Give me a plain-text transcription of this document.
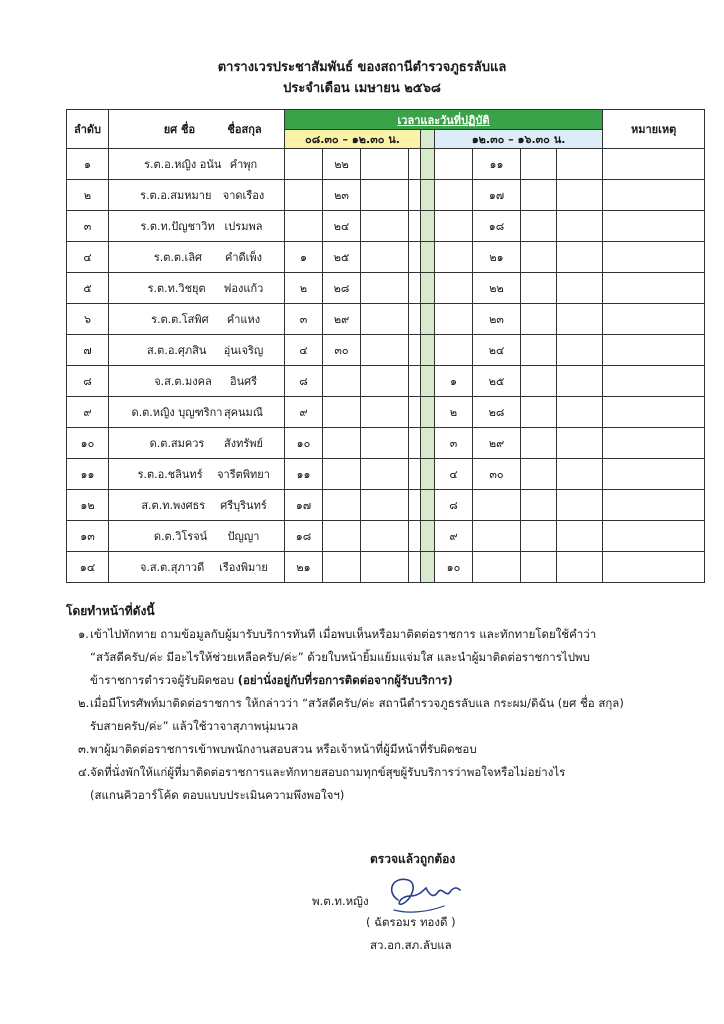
ตารางเวรประชาสัมพันธ์ ของสถานีตำรวจภูธรลับแล
ประจำเดือน เมษายน ๒๕๖๘
ลำดับ	ยศ ชื่อ ชื่อสกุล	เวลาและวันที่ปฏิบัติ									หมายเหตุ
		๐๘.๓๐ – ๑๒.๓๐ น.					๑๒.๓๐ – ๑๖.๓๐ น.				
๑	ร.ต.อ.หญิง อนัน คำพุก		๒๒					๑๑			
๒	ร.ต.อ.สมหมาย จาดเรือง		๒๓					๑๗			
๓	ร.ต.ท.ปัญชาวิท เปรมพล		๒๔					๑๘			
๔	ร.ต.ต.เลิศ คำดีเพ็ง	๑	๒๕					๒๑			
๕	ร.ต.ท.วิชยุต ฟองแก้ว	๒	๒๘					๒๒			
๖	ร.ต.ต.โสพิศ คำแหง	๓	๒๙					๒๓			
๗	ส.ต.อ.ศุภสิน อุ่นเจริญ	๔	๓๐					๒๔			
๘	จ.ส.ต.มงคล อินศรี	๘					๑	๒๕			
๙	ด.ต.หญิง บุญฑริกา สุคนมณี	๙					๒	๒๘			
๑๐	ด.ต.สมควร สังทรัพย์	๑๐					๓	๒๙			
๑๑	ร.ต.อ.ชลินทร์ จารีตพิทยา	๑๑					๔	๓๐			
๑๒	ส.ต.ท.พงศธร ศรีบุรินทร์	๑๗					๘				
๑๓	ด.ต.วิโรจน์ ปัญญา	๑๘					๙				
๑๔	จ.ส.ต.สุภาวดี เรืองพิมาย	๒๑					๑๐				
โดยทำหน้าที่ดังนี้
๑. เข้าไปทักทาย ถามข้อมูลกับผู้มารับบริการทันที เมื่อพบเห็นหรือมาติดต่อราชการ และทักทายโดยใช้คำว่า
“สวัสดีครับ/ค่ะ มีอะไรให้ช่วยเหลือครับ/ค่ะ” ด้วยใบหน้ายิ้มแย้มแจ่มใส และนำผู้มาติดต่อราชการไปพบ
ข้าราชการตำรวจผู้รับผิดชอบ (อย่านั่งอยู่กับที่รอการติดต่อจากผู้รับบริการ)
๒. เมื่อมีโทรศัพท์มาติดต่อราชการ ให้กล่าวว่า “สวัสดีครับ/ค่ะ สถานีตำรวจภูธรลับแล กระผม/ดิฉัน (ยศ ชื่อ สกุล)
รับสายครับ/ค่ะ” แล้วใช้วาจาสุภาพนุ่มนวล
๓. พาผู้มาติดต่อราชการเข้าพบพนักงานสอบสวน หรือเจ้าหน้าที่ผู้มีหน้าที่รับผิดชอบ
๔. จัดที่นั่งพักให้แก่ผู้ที่มาติดต่อราชการและทักทายสอบถามทุกข์สุขผู้รับบริการว่าพอใจหรือไม่อย่างไร
(สแกนคิวอาร์โค้ด ตอบแบบประเมินความพึงพอใจฯ)
ตรวจแล้วถูกต้อง
พ.ต.ท.หญิง
( ฉัตรอมร ทองดี )
สว.อก.สภ.ลับแล
